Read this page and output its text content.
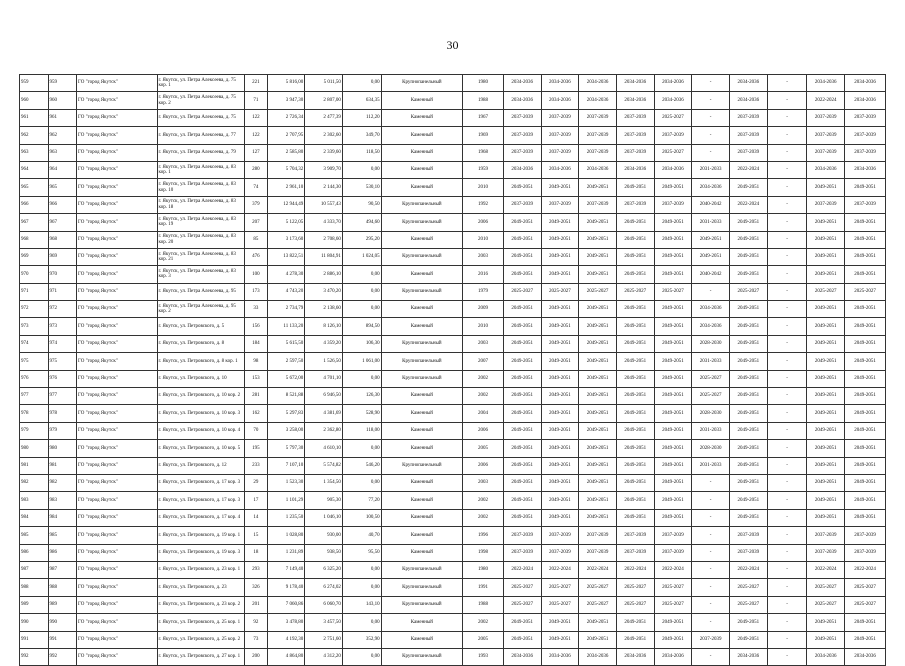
30
959	959	ГО "город Якутск"	г. Якутск, ул. Петра Алексеева, д. 75 кор. 1	221	5 816,00	5 011,50	0,00	Крупнопанельный	1980	2034-2036	2034-2036	2034-2036	2034-2036	2034-2036	-	2034-2036	-	2034-2036	2034-2036

960	960	ГО "город Якутск"	г. Якутск, ул. Петра Алексеева, д. 75 кор. 2	71	3 947,30	2 807,00	634,35	Каменный	1988	2034-2036	2034-2036	2034-2036	2034-2036	2034-2036	-	2034-2036	-	2022-2024	2034-2036

961	961	ГО "город Якутск"	г. Якутск, ул. Петра Алексеева, д. 75	122	2 726,34	2 477,39	112,20	Каменный	1967	2037-2039	2037-2039	2037-2039	2037-2039	2025-2027	-	2037-2039	-	2037-2039	2037-2039

962	962	ГО "город Якутск"	г. Якутск, ул. Петра Алексеева, д. 77	122	2 707,95	2 302,60	349,70	Каменный	1969	2037-2039	2037-2039	2037-2039	2037-2039	2037-2039	-	2037-2039	-	2037-2039	2037-2039

963	963	ГО "город Якутск"	г. Якутск, ул. Петра Алексеева, д. 79	127	2 585,80	2 339,60	118,50	Каменный	1968	2037-2039	2037-2039	2037-2039	2037-2039	2025-2027	-	2037-2039	-	2037-2039	2037-2039

964	964	ГО "город Якутск"	г. Якутск, ул. Петра Алексеева, д. 83 кор. 1	280	5 704,32	3 909,70	0,00	Каменный	1959	2034-2036	2034-2036	2034-2036	2034-2036	2034-2036	2031-2033	2022-2024	-	2034-2036	2034-2036

965	965	ГО "город Якутск"	г. Якутск, ул. Петра Алексеева, д. 83 кор. 10	74	2 961,10	2 144,30	530,10	Каменный	2010	2049-2051	2049-2051	2049-2051	2049-2051	2049-2051	2034-2036	2049-2051	-	2049-2051	2049-2051

966	966	ГО "город Якутск"	г. Якутск, ул. Петра Алексеева, д. 83 кор. 18	379	12 944,49	10 557,43	90,50	Крупнопанельный	1992	2037-2039	2037-2039	2037-2039	2037-2039	2037-2039	2040-2042	2022-2024	-	2037-2039	2037-2039

967	967	ГО "город Якутск"	г. Якутск, ул. Петра Алексеева, д. 83 кор. 19	207	5 122,05	4 333,70	494,60	Крупнопанельный	2006	2049-2051	2049-2051	2049-2051	2049-2051	2049-2051	2031-2033	2049-2051	-	2049-2051	2049-2051

968	968	ГО "город Якутск"	г. Якутск, ул. Петра Алексеева, д. 83 кор. 20	85	3 173,60	2 708,60	295,20	Каменный	2010	2049-2051	2049-2051	2049-2051	2049-2051	2049-2051	2049-2051	2049-2051	-	2049-2051	2049-2051

969	969	ГО "город Якутск"	г. Якутск, ул. Петра Алексеева, д. 83 кор. 21	476	13 822,51	11 804,91	1 024,05	Крупнопанельный	2003	2049-2051	2049-2051	2049-2051	2049-2051	2049-2051	2049-2051	2049-2051	-	2049-2051	2049-2051

970	970	ГО "город Якутск"	г. Якутск, ул. Петра Алексеева, д. 83 кор. 3	100	4 278,30	2 886,10	0,00	Каменный	2016	2049-2051	2049-2051	2049-2051	2049-2051	2049-2051	2040-2042	2049-2051	-	2049-2051	2049-2051

971	971	ГО "город Якутск"	г. Якутск, ул. Петра Алексеева, д. 95	173	4 743,20	3 470,20	0,00	Крупнопанельный	1979	2025-2027	2025-2027	2025-2027	2025-2027	2025-2027	-	2025-2027	-	2025-2027	2025-2027

972	972	ГО "город Якутск"	г. Якутск, ул. Петра Алексеева, д. 95 кор. 2	33	2 734,79	2 138,60	0,00	Каменный	2009	2049-2051	2049-2051	2049-2051	2049-2051	2049-2051	2034-2036	2049-2051	-	2049-2051	2049-2051

973	973	ГО "город Якутск"	г. Якутск, ул. Петровского, д. 5	156	11 133,20	8 126,10	894,50	Каменный	2010	2049-2051	2049-2051	2049-2051	2049-2051	2049-2051	2034-2036	2049-2051	-	2049-2051	2049-2051

974	974	ГО "город Якутск"	г. Якутск, ул. Петровского, д. 8	184	5 615,50	4 359,20	106,30	Крупнопанельный	2003	2049-2051	2049-2051	2049-2051	2049-2051	2049-2051	2028-2030	2049-2051	-	2049-2051	2049-2051

975	975	ГО "город Якутск"	г. Якутск, ул. Петровского, д. 8 кор. 1	98	2 597,50	1 526,50	1 061,00	Крупнопанельный	2007	2049-2051	2049-2051	2049-2051	2049-2051	2049-2051	2031-2033	2049-2051	-	2049-2051	2049-2051

976	976	ГО "город Якутск"	г. Якутск, ул. Петровского, д. 10	153	5 672,00	4 701,10	0,00	Крупнопанельный	2002	2049-2051	2049-2051	2049-2051	2049-2051	2049-2051	2025-2027	2049-2051	-	2049-2051	2049-2051

977	977	ГО "город Якутск"	г. Якутск, ул. Петровского, д. 10 кор. 2	281	8 521,88	6 946,50	126,30	Каменный	2002	2049-2051	2049-2051	2049-2051	2049-2051	2049-2051	2025-2027	2049-2051	-	2049-2051	2049-2051

978	978	ГО "город Якутск"	г. Якутск, ул. Петровского, д. 10 кор. 3	162	5 297,83	4 381,69	528,90	Каменный	2004	2049-2051	2049-2051	2049-2051	2049-2051	2049-2051	2028-2030	2049-2051	-	2049-2051	2049-2051

979	979	ГО "город Якутск"	г. Якутск, ул. Петровского, д. 10 кор. 4	70	3 258,00	2 362,80	118,00	Каменный	2006	2049-2051	2049-2051	2049-2051	2049-2051	2049-2051	2031-2033	2049-2051	-	2049-2051	2049-2051

980	980	ГО "город Якутск"	г. Якутск, ул. Петровского, д. 10 кор. 5	195	5 797,30	4 610,10	0,00	Каменный	2005	2049-2051	2049-2051	2049-2051	2049-2051	2049-2051	2028-2030	2049-2051	-	2049-2051	2049-2051

981	981	ГО "город Якутск"	г. Якутск, ул. Петровского, д. 12	233	7 107,10	5 574,82	546,20	Крупнопанельный	2006	2049-2051	2049-2051	2049-2051	2049-2051	2049-2051	2031-2033	2049-2051	-	2049-2051	2049-2051

982	982	ГО "город Якутск"	г. Якутск, ул. Петровского, д. 17 кор. 3	29	1 523,30	1 354,50	0,00	Каменный	2003	2049-2051	2049-2051	2049-2051	2049-2051	2049-2051	-	2049-2051	-	2049-2051	2049-2051

983	983	ГО "город Якутск"	г. Якутск, ул. Петровского, д. 17 кор. 3	17	1 101,29	905,30	77,20	Каменный	2002	2049-2051	2049-2051	2049-2051	2049-2051	2049-2051	-	2049-2051	-	2049-2051	2049-2051

984	984	ГО "город Якутск"	г. Якутск, ул. Петровского, д. 17 кор. 4	14	1 235,50	1 046,10	100,50	Каменный	2002	2049-2051	2049-2051	2049-2051	2049-2051	2049-2051	-	2049-2051	-	2049-2051	2049-2051

985	985	ГО "город Якутск"	г. Якутск, ул. Петровского, д. 19 кор. 1	15	1 028,80	930,00	40,70	Каменный	1996	2037-2039	2037-2039	2037-2039	2037-2039	2037-2039	-	2037-2039	-	2037-2039	2037-2039

986	986	ГО "город Якутск"	г. Якутск, ул. Петровского, д. 19 кор. 3	18	1 231,89	938,50	95,50	Каменный	1998	2037-2039	2037-2039	2037-2039	2037-2039	2037-2039	-	2037-2039	-	2037-2039	2037-2039

987	987	ГО "город Якутск"	г. Якутск, ул. Петровского, д. 23 кор. 1	293	7 149,40	6 325,20	0,00	Крупнопанельный	1980	2022-2024	2022-2024	2022-2024	2022-2024	2022-2024	-	2022-2024	-	2022-2024	2022-2024

988	988	ГО "город Якутск"	г. Якутск, ул. Петровского, д. 23	326	9 178,40	6 274,02	0,00	Крупнопанельный	1991	2025-2027	2025-2027	2025-2027	2025-2027	2025-2027	-	2025-2027	-	2025-2027	2025-2027

989	989	ГО "город Якутск"	г. Якутск, ул. Петровского, д. 23 кор. 2	201	7 060,86	6 060,70	143,10	Крупнопанельный	1988	2025-2027	2025-2027	2025-2027	2025-2027	2025-2027	-	2025-2027	-	2025-2027	2025-2027

990	990	ГО "город Якутск"	г. Якутск, ул. Петровского, д. 25 кор. 1	92	3 478,80	3 457,50	0,00	Каменный	2002	2049-2051	2049-2051	2049-2051	2049-2051	2049-2051	-	2049-2051	-	2049-2051	2049-2051

991	991	ГО "город Якутск"	г. Якутск, ул. Петровского, д. 25 кор. 2	73	4 192,30	2 751,60	352,90	Каменный	2005	2049-2051	2049-2051	2049-2051	2049-2051	2049-2051	2037-2039	2049-2051	-	2049-2051	2049-2051

992	992	ГО "город Якутск"	г. Якутск, ул. Петровского, д. 27 кор. 1	200	4 864,80	4 312,20	0,00	Крупнопанельный	1993	2034-2036	2034-2036	2034-2036	2034-2036	2034-2036	-	2034-2036	-	2034-2036	2034-2036
